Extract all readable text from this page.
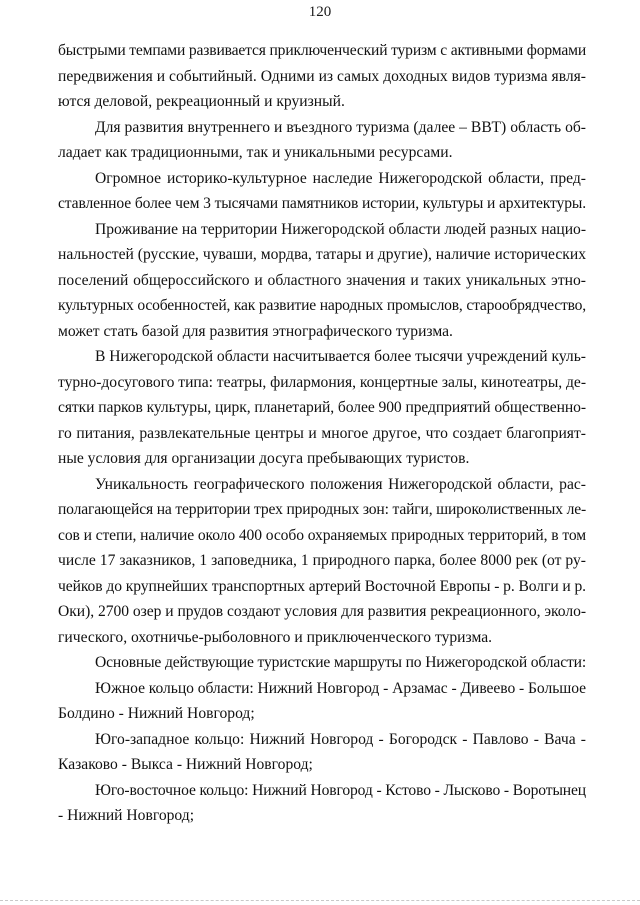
120
быстрыми темпами развивается приключенческий туризм с активными формами
передвижения и событийный. Одними из самых доходных видов туризма явля-
ются деловой, рекреационный и круизный.
Для развития внутреннего и въездного туризма (далее – ВВТ) область об-
ладает как традиционными, так и уникальными ресурсами.
Огромное историко-культурное наследие Нижегородской области, пред-
ставленное более чем 3 тысячами памятников истории, культуры и архитектуры.
Проживание на территории Нижегородской области людей разных нацио-
нальностей (русские, чуваши, мордва, татары и другие), наличие исторических
поселений общероссийского и областного значения и таких уникальных этно-
культурных особенностей, как развитие народных промыслов, старообрядчество,
может стать базой для развития этнографического туризма.
В Нижегородской области насчитывается более тысячи учреждений куль-
турно-досугового типа: театры, филармония, концертные залы, кинотеатры, де-
сятки парков культуры, цирк, планетарий, более 900 предприятий общественно-
го питания, развлекательные центры и многое другое, что создает благоприят-
ные условия для организации досуга пребывающих туристов.
Уникальность географического положения Нижегородской области, рас-
полагающейся на территории трех природных зон: тайги, широколиственных ле-
сов и степи, наличие около 400 особо охраняемых природных территорий, в том
числе 17 заказников, 1 заповедника, 1 природного парка, более 8000 рек (от ру-
чейков до крупнейших транспортных артерий Восточной Европы - р. Волги и р.
Оки), 2700 озер и прудов создают условия для развития рекреационного, эколо-
гического, охотничье-рыболовного и приключенческого туризма.
Основные действующие туристские маршруты по Нижегородской области:
Южное кольцо области: Нижний Новгород - Арзамас - Дивеево - Большое
Болдино - Нижний Новгород;
Юго-западное кольцо: Нижний Новгород - Богородск - Павлово - Вача -
Казаково - Выкса - Нижний Новгород;
Юго-восточное кольцо: Нижний Новгород - Кстово - Лысково - Воротынец
- Нижний Новгород;
